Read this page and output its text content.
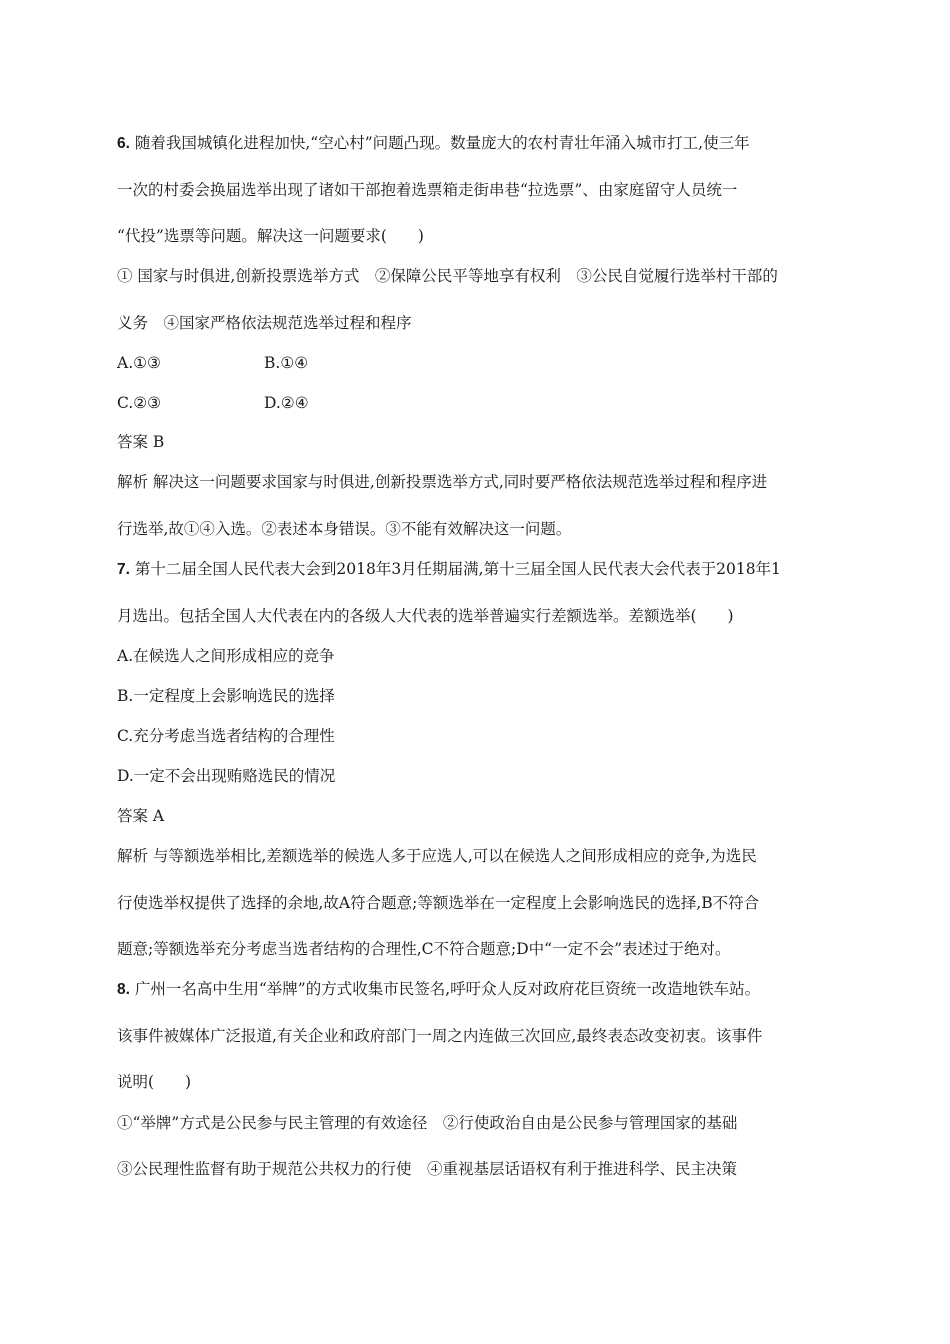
6. 随着我国城镇化进程加快,“空心村”问题凸现。数量庞大的农村青壮年涌入城市打工,使三年
一次的村委会换届选举出现了诸如干部抱着选票箱走街串巷“拉选票”、由家庭留守人员统一
“代投”选票等问题。解决这一问题要求(　　)
① 国家与时俱进,创新投票选举方式　②保障公民平等地享有权利　③公民自觉履行选举村干部的
义务　④国家严格依法规范选举过程和程序
A.①③	B.①④
C.②③	D.②④
答案 B
解析 解决这一问题要求国家与时俱进,创新投票选举方式,同时要严格依法规范选举过程和程序进
行选举,故①④入选。②表述本身错误。③不能有效解决这一问题。
7. 第十二届全国人民代表大会到2018年3月任期届满,第十三届全国人民代表大会代表于2018年1
月选出。包括全国人大代表在内的各级人大代表的选举普遍实行差额选举。差额选举(　　)
A.在候选人之间形成相应的竞争
B.一定程度上会影响选民的选择
C.充分考虑当选者结构的合理性
D.一定不会出现贿赂选民的情况
答案 A
解析 与等额选举相比,差额选举的候选人多于应选人,可以在候选人之间形成相应的竞争,为选民
行使选举权提供了选择的余地,故A符合题意;等额选举在一定程度上会影响选民的选择,B不符合
题意;等额选举充分考虑当选者结构的合理性,C不符合题意;D中“一定不会”表述过于绝对。
8. 广州一名高中生用“举牌”的方式收集市民签名,呼吁众人反对政府花巨资统一改造地铁车站。
该事件被媒体广泛报道,有关企业和政府部门一周之内连做三次回应,最终表态改变初衷。该事件
说明(　　)
①“举牌”方式是公民参与民主管理的有效途径　②行使政治自由是公民参与管理国家的基础
③公民理性监督有助于规范公共权力的行使　④重视基层话语权有利于推进科学、民主决策
